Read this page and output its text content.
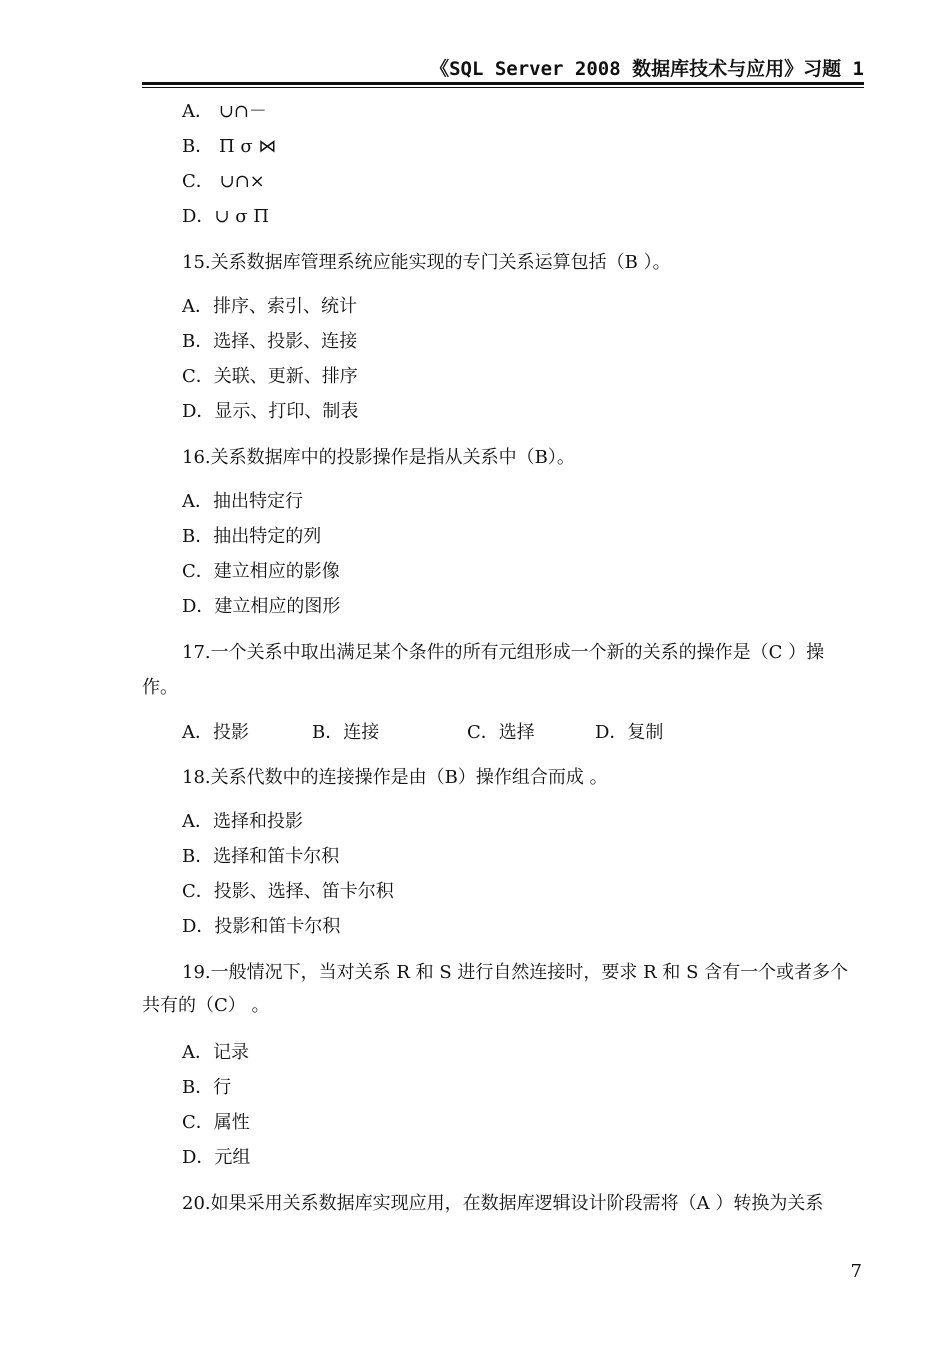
《SQL Server 2008 数据库技术与应用》习题 1
A． ∪∩－
B． Π σ ⋈
C． ∪∩×
D．∪ σ Π
15.关系数据库管理系统应能实现的专门关系运算包括（B ）。
A．排序、索引、统计
B．选择、投影、连接
C．关联、更新、排序
D．显示、打印、制表
16.关系数据库中的投影操作是指从关系中（B）。
A．抽出特定行
B．抽出特定的列
C．建立相应的影像
D．建立相应的图形
17.一个关系中取出满足某个条件的所有元组形成一个新的关系的操作是（C ）操
作。
A．投影	B．连接	C．选择	D．复制
18.关系代数中的连接操作是由（B）操作组合而成 。
A．选择和投影
B．选择和笛卡尔积
C．投影、选择、笛卡尔积
D．投影和笛卡尔积
19.一般情况下，当对关系 R 和 S 进行自然连接时，要求 R 和 S 含有一个或者多个
共有的（C） 。
A．记录
B．行
C．属性
D．元组
20.如果采用关系数据库实现应用，在数据库逻辑设计阶段需将（A ）转换为关系
7
